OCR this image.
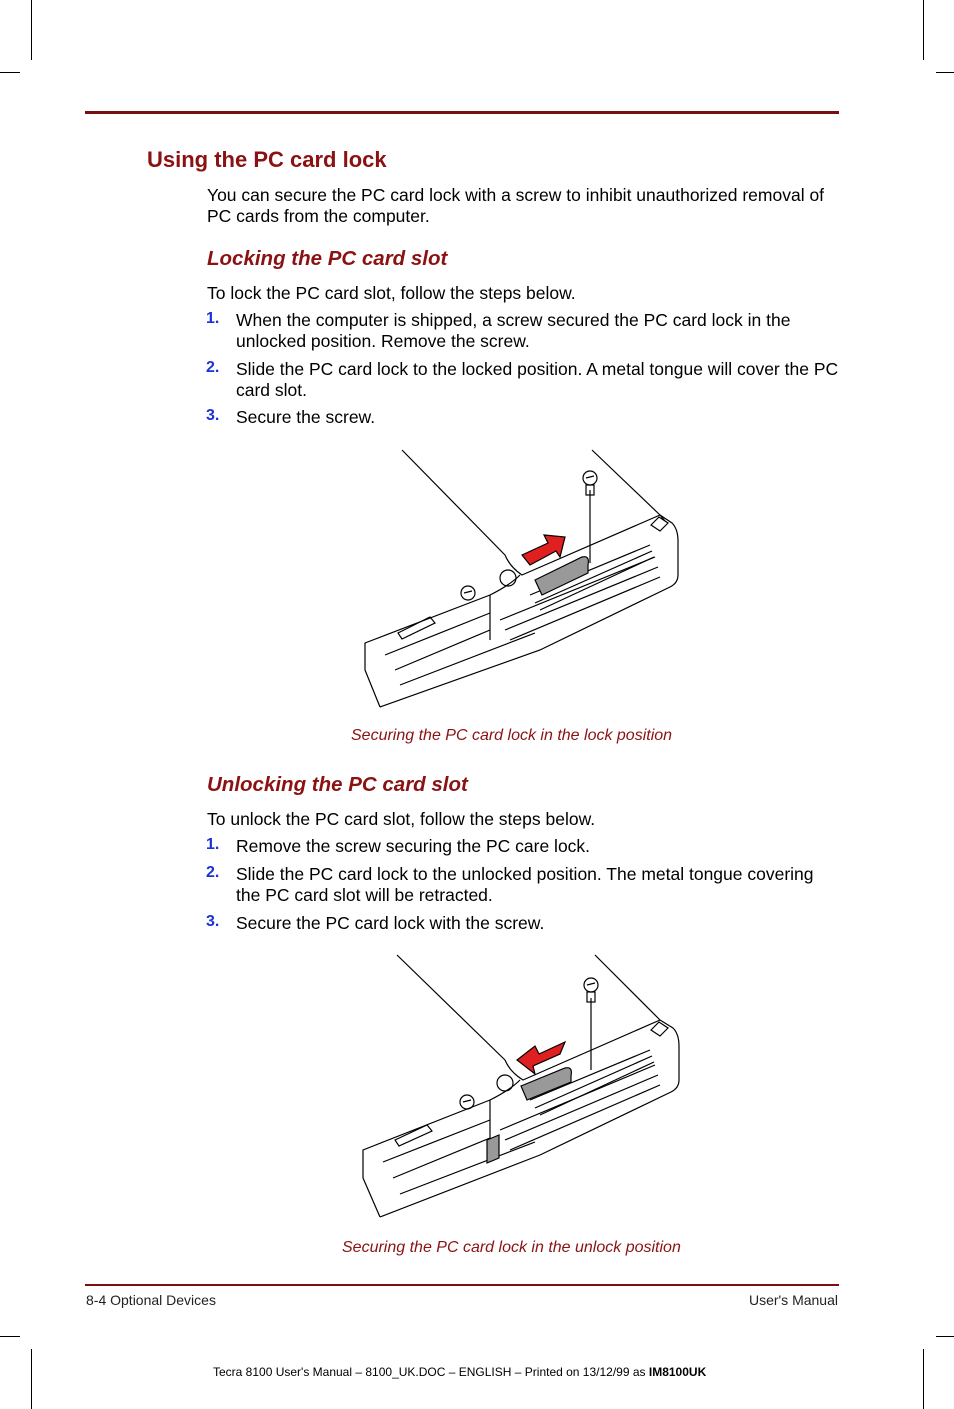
Using the PC card lock

You can secure the PC card lock with a screw to inhibit unauthorized removal of PC cards from the computer.

Locking the PC card slot

To lock the PC card slot, follow the steps below.

1. When the computer is shipped, a screw secured the PC card lock in the unlocked position. Remove the screw.
2. Slide the PC card lock to the locked position. A metal tongue will cover the PC card slot.
3. Secure the screw.
Securing the PC card lock in the lock position
Unlocking the PC card slot

To unlock the PC card slot, follow the steps below.

1. Remove the screw securing the PC care lock.
2. Slide the PC card lock to the unlocked position. The metal tongue covering the PC card slot will be retracted.
3. Secure the PC card lock with the screw.
Securing the PC card lock in the unlock position
8-4 Optional Devices	User's Manual
Tecra 8100 User's Manual – 8100_UK.DOC – ENGLISH – Printed on 13/12/99 as IM8100UK
